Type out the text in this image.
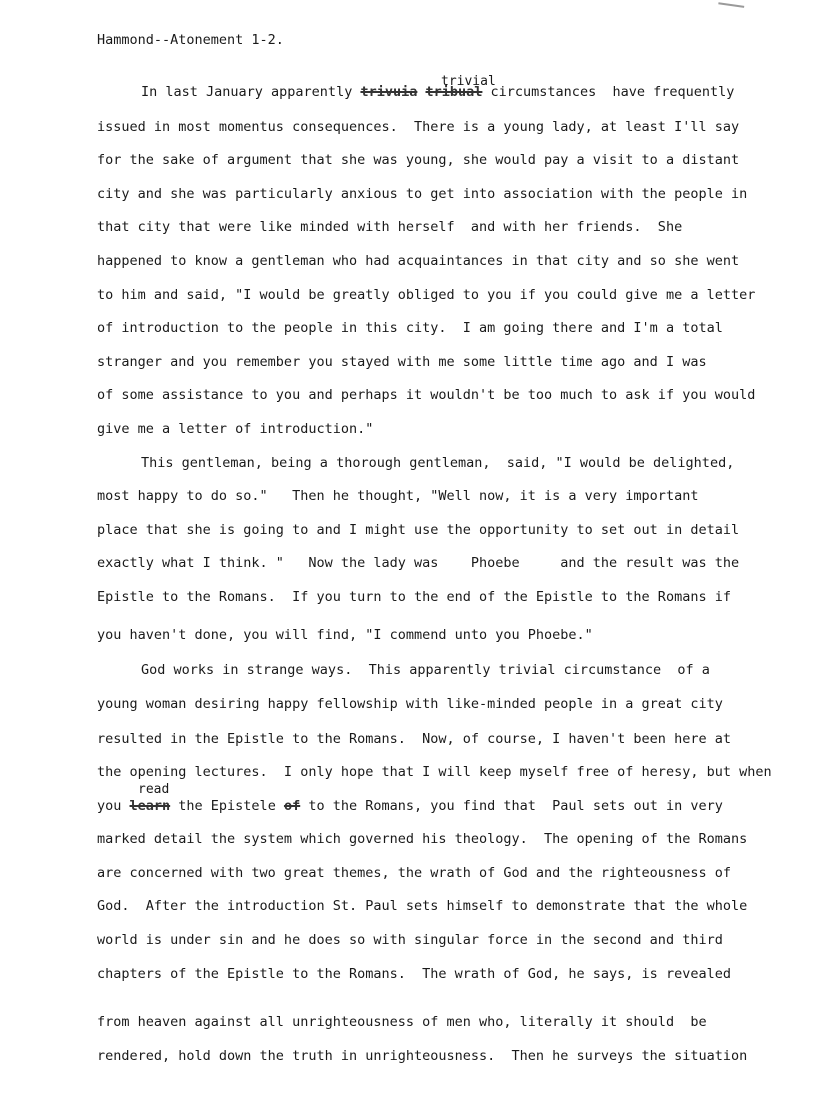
Hammond--Atonement 1-2.
trivial
In last January apparently trivuia tribual circumstances  have frequently
issued in most momentus consequences.  There is a young lady, at least I'll say
for the sake of argument that she was young, she would pay a visit to a distant
city and she was particularly anxious to get into association with the people in
that city that were like minded with herself  and with her friends.  She
happened to know a gentleman who had acquaintances in that city and so she went
to him and said, "I would be greatly obliged to you if you could give me a letter
of introduction to the people in this city.  I am going there and I'm a total
stranger and you remember you stayed with me some little time ago and I was
of some assistance to you and perhaps it wouldn't be too much to ask if you would
give me a letter of introduction."
This gentleman, being a thorough gentleman,  said, "I would be delighted,
most happy to do so."   Then he thought, "Well now, it is a very important
place that she is going to and I might use the opportunity to set out in detail
exactly what I think. "   Now the lady was    Phoebe     and the result was the
Epistle to the Romans.  If you turn to the end of the Epistle to the Romans if
you haven't done, you will find, "I commend unto you Phoebe."
God works in strange ways.  This apparently trivial circumstance  of a
young woman desiring happy fellowship with like-minded people in a great city
resulted in the Epistle to the Romans.  Now, of course, I haven't been here at
the opening lectures.  I only hope that I will keep myself free of heresy, but when
read
you learn the Epistele of to the Romans, you find that  Paul sets out in very
marked detail the system which governed his theology.  The opening of the Romans
are concerned with two great themes, the wrath of God and the righteousness of
God.  After the introduction St. Paul sets himself to demonstrate that the whole
world is under sin and he does so with singular force in the second and third
chapters of the Epistle to the Romans.  The wrath of God, he says, is revealed
from heaven against all unrighteousness of men who, literally it should  be
rendered, hold down the truth in unrighteousness.  Then he surveys the situation
